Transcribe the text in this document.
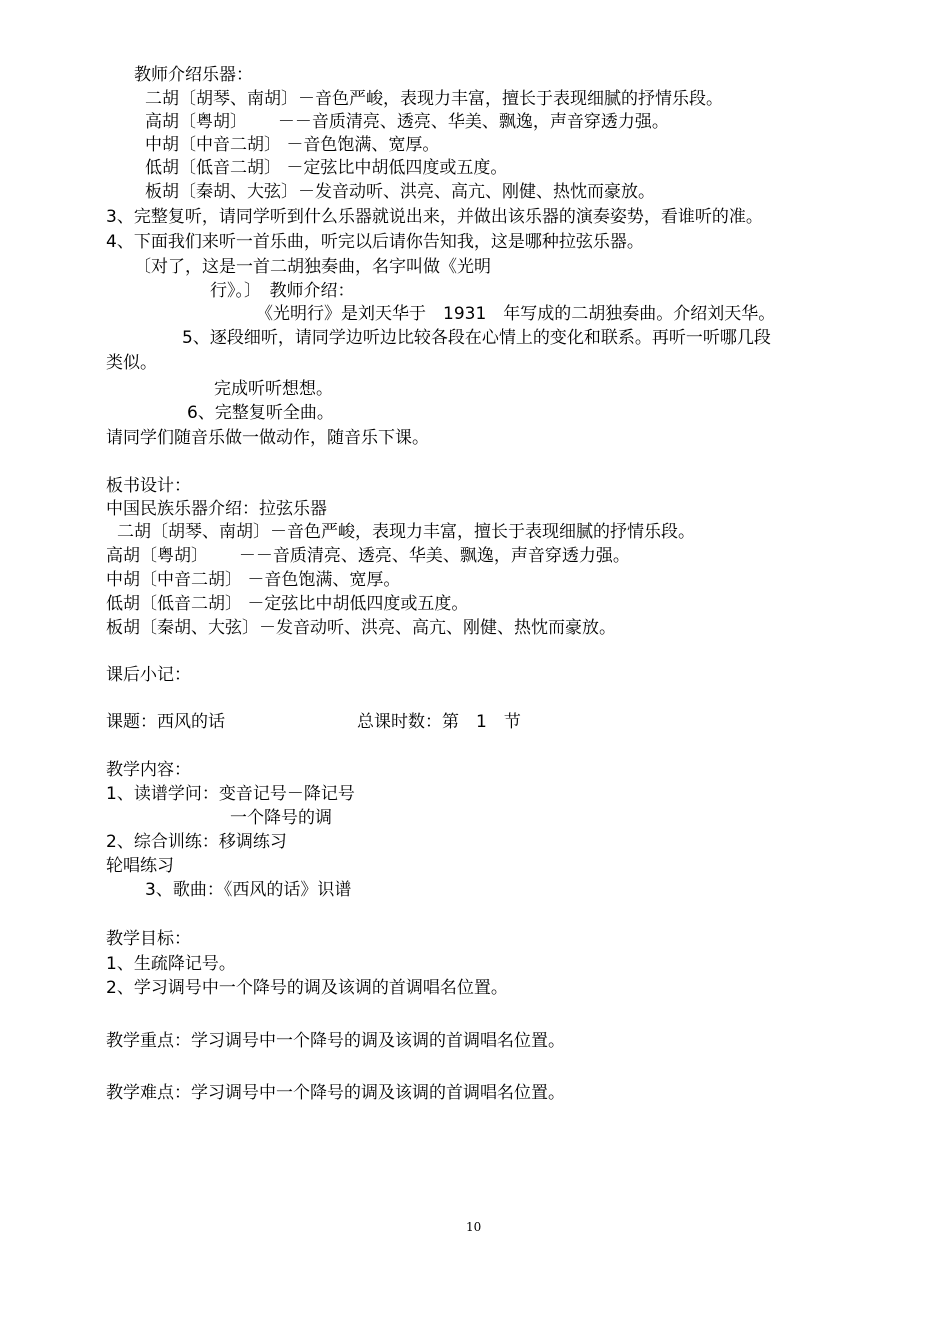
教师介绍乐器：
二胡〔胡琴、南胡〕－音色严峻，表现力丰富，擅长于表现细腻的抒情乐段。
高胡〔粤胡〕　　 －－音质清亮、透亮、华美、飘逸，声音穿透力强。
中胡〔中音二胡〕 －音色饱满、宽厚。
低胡〔低音二胡〕 －定弦比中胡低四度或五度。
板胡〔秦胡、大弦〕－发音动听、洪亮、高亢、刚健、热忱而豪放。
3、完整复听，请同学听到什么乐器就说出来，并做出该乐器的演奏姿势，看谁听的准。
4、下面我们来听一首乐曲，听完以后请你告知我，这是哪种拉弦乐器。
〔对了，这是一首二胡独奏曲，名字叫做《光明
行》。〕　教师介绍：
《光明行》是刘天华于　1931　年写成的二胡独奏曲。介绍刘天华。
5、逐段细听，请同学边听边比较各段在心情上的变化和联系。再听一听哪几段
类似。
完成听听想想。
6、完整复听全曲。
请同学们随音乐做一做动作，随音乐下课。
板书设计：
中国民族乐器介绍：拉弦乐器
二胡〔胡琴、南胡〕－音色严峻，表现力丰富，擅长于表现细腻的抒情乐段。
高胡〔粤胡〕　　 －－音质清亮、透亮、华美、飘逸，声音穿透力强。
中胡〔中音二胡〕 －音色饱满、宽厚。
低胡〔低音二胡〕 －定弦比中胡低四度或五度。
板胡〔秦胡、大弦〕－发音动听、洪亮、高亢、刚健、热忱而豪放。
课后小记：
课题：西风的话	总课时数：第　1　节
教学内容：
1、读谱学问：变音记号－降记号
一个降号的调
2、综合训练：移调练习
轮唱练习
3、歌曲：《西风的话》识谱
教学目标：
1、生疏降记号。
2、学习调号中一个降号的调及该调的首调唱名位置。
教学重点：学习调号中一个降号的调及该调的首调唱名位置。
教学难点：学习调号中一个降号的调及该调的首调唱名位置。
10
